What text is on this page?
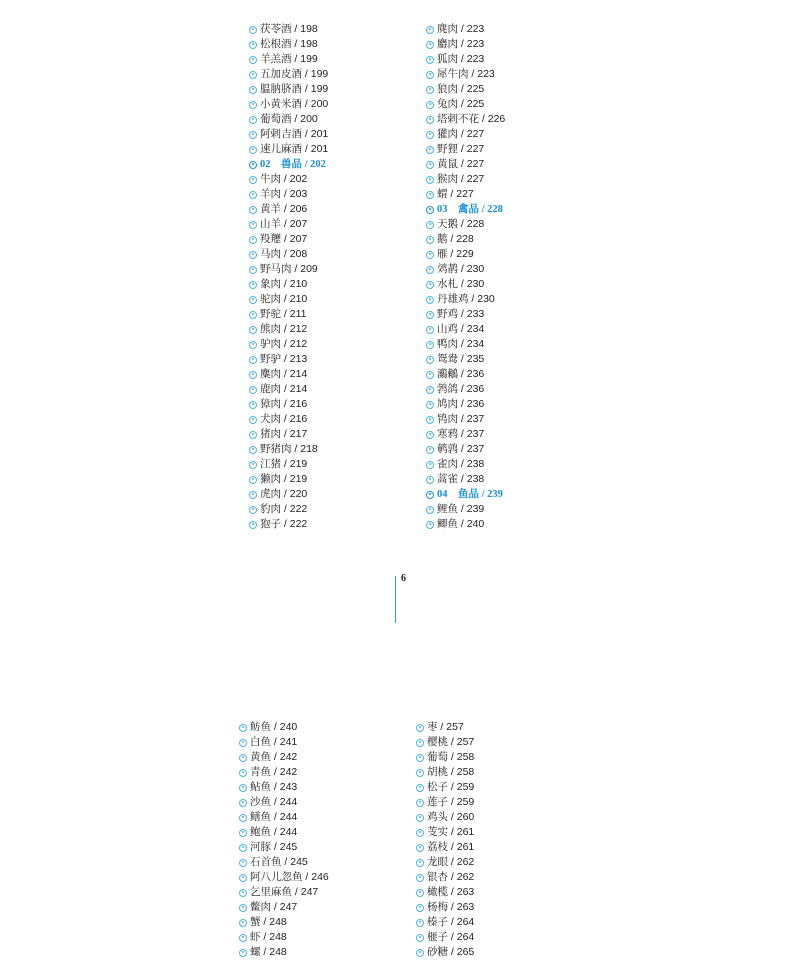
茯苓酒 / 198
松根酒 / 198
羊羔酒 / 199
五加皮酒 / 199
腽肭脐酒 / 199
小黄米酒 / 200
葡萄酒 / 200
阿剌吉酒 / 201
速儿麻酒 / 201
02　兽品 / 202
牛肉 / 202
羊肉 / 203
黄羊 / 206
山羊 / 207
羖䍽 / 207
马肉 / 208
野马肉 / 209
象肉 / 210
驼肉 / 210
野驼 / 211
熊肉 / 212
驴肉 / 212
野驴 / 213
麋肉 / 214
鹿肉 / 214
獐肉 / 216
犬肉 / 216
猪肉 / 217
野猪肉 / 218
江猪 / 219
獭肉 / 219
虎肉 / 220
豹肉 / 222
狍子 / 222
麂肉 / 223
麝肉 / 223
狐肉 / 223
犀牛肉 / 223
狼肉 / 225
兔肉 / 225
塔剌不花 / 226
獾肉 / 227
野狸 / 227
黄鼠 / 227
猴肉 / 227
蝟 / 227
03　禽品 / 228
天鹅 / 228
鹅 / 228
雁 / 229
䴔䴖 / 230
水札 / 230
丹雄鸡 / 230
野鸡 / 233
山鸡 / 234
鸭肉 / 234
鸳鸯 / 235
鸂鶒 / 236
鹁鸽 / 236
鸠肉 / 236
鸨肉 / 237
寒鸦 / 237
鹌鹑 / 237
雀肉 / 238
蒿雀 / 238
04　鱼品 / 239
鲤鱼 / 239
鲫鱼 / 240
6
鲂鱼 / 240
白鱼 / 241
黄鱼 / 242
青鱼 / 242
鲇鱼 / 243
沙鱼 / 244
鳝鱼 / 244
鲍鱼 / 244
河豚 / 245
石首鱼 / 245
阿八儿忽鱼 / 246
乞里麻鱼 / 247
鳖肉 / 247
蟹 / 248
虾 / 248
螺 / 248
枣 / 257
樱桃 / 257
葡萄 / 258
胡桃 / 258
松子 / 259
莲子 / 259
鸡头 / 260
芰实 / 261
荔枝 / 261
龙眼 / 262
银杏 / 262
橄榄 / 263
杨梅 / 263
榛子 / 264
榧子 / 264
砂糖 / 265
